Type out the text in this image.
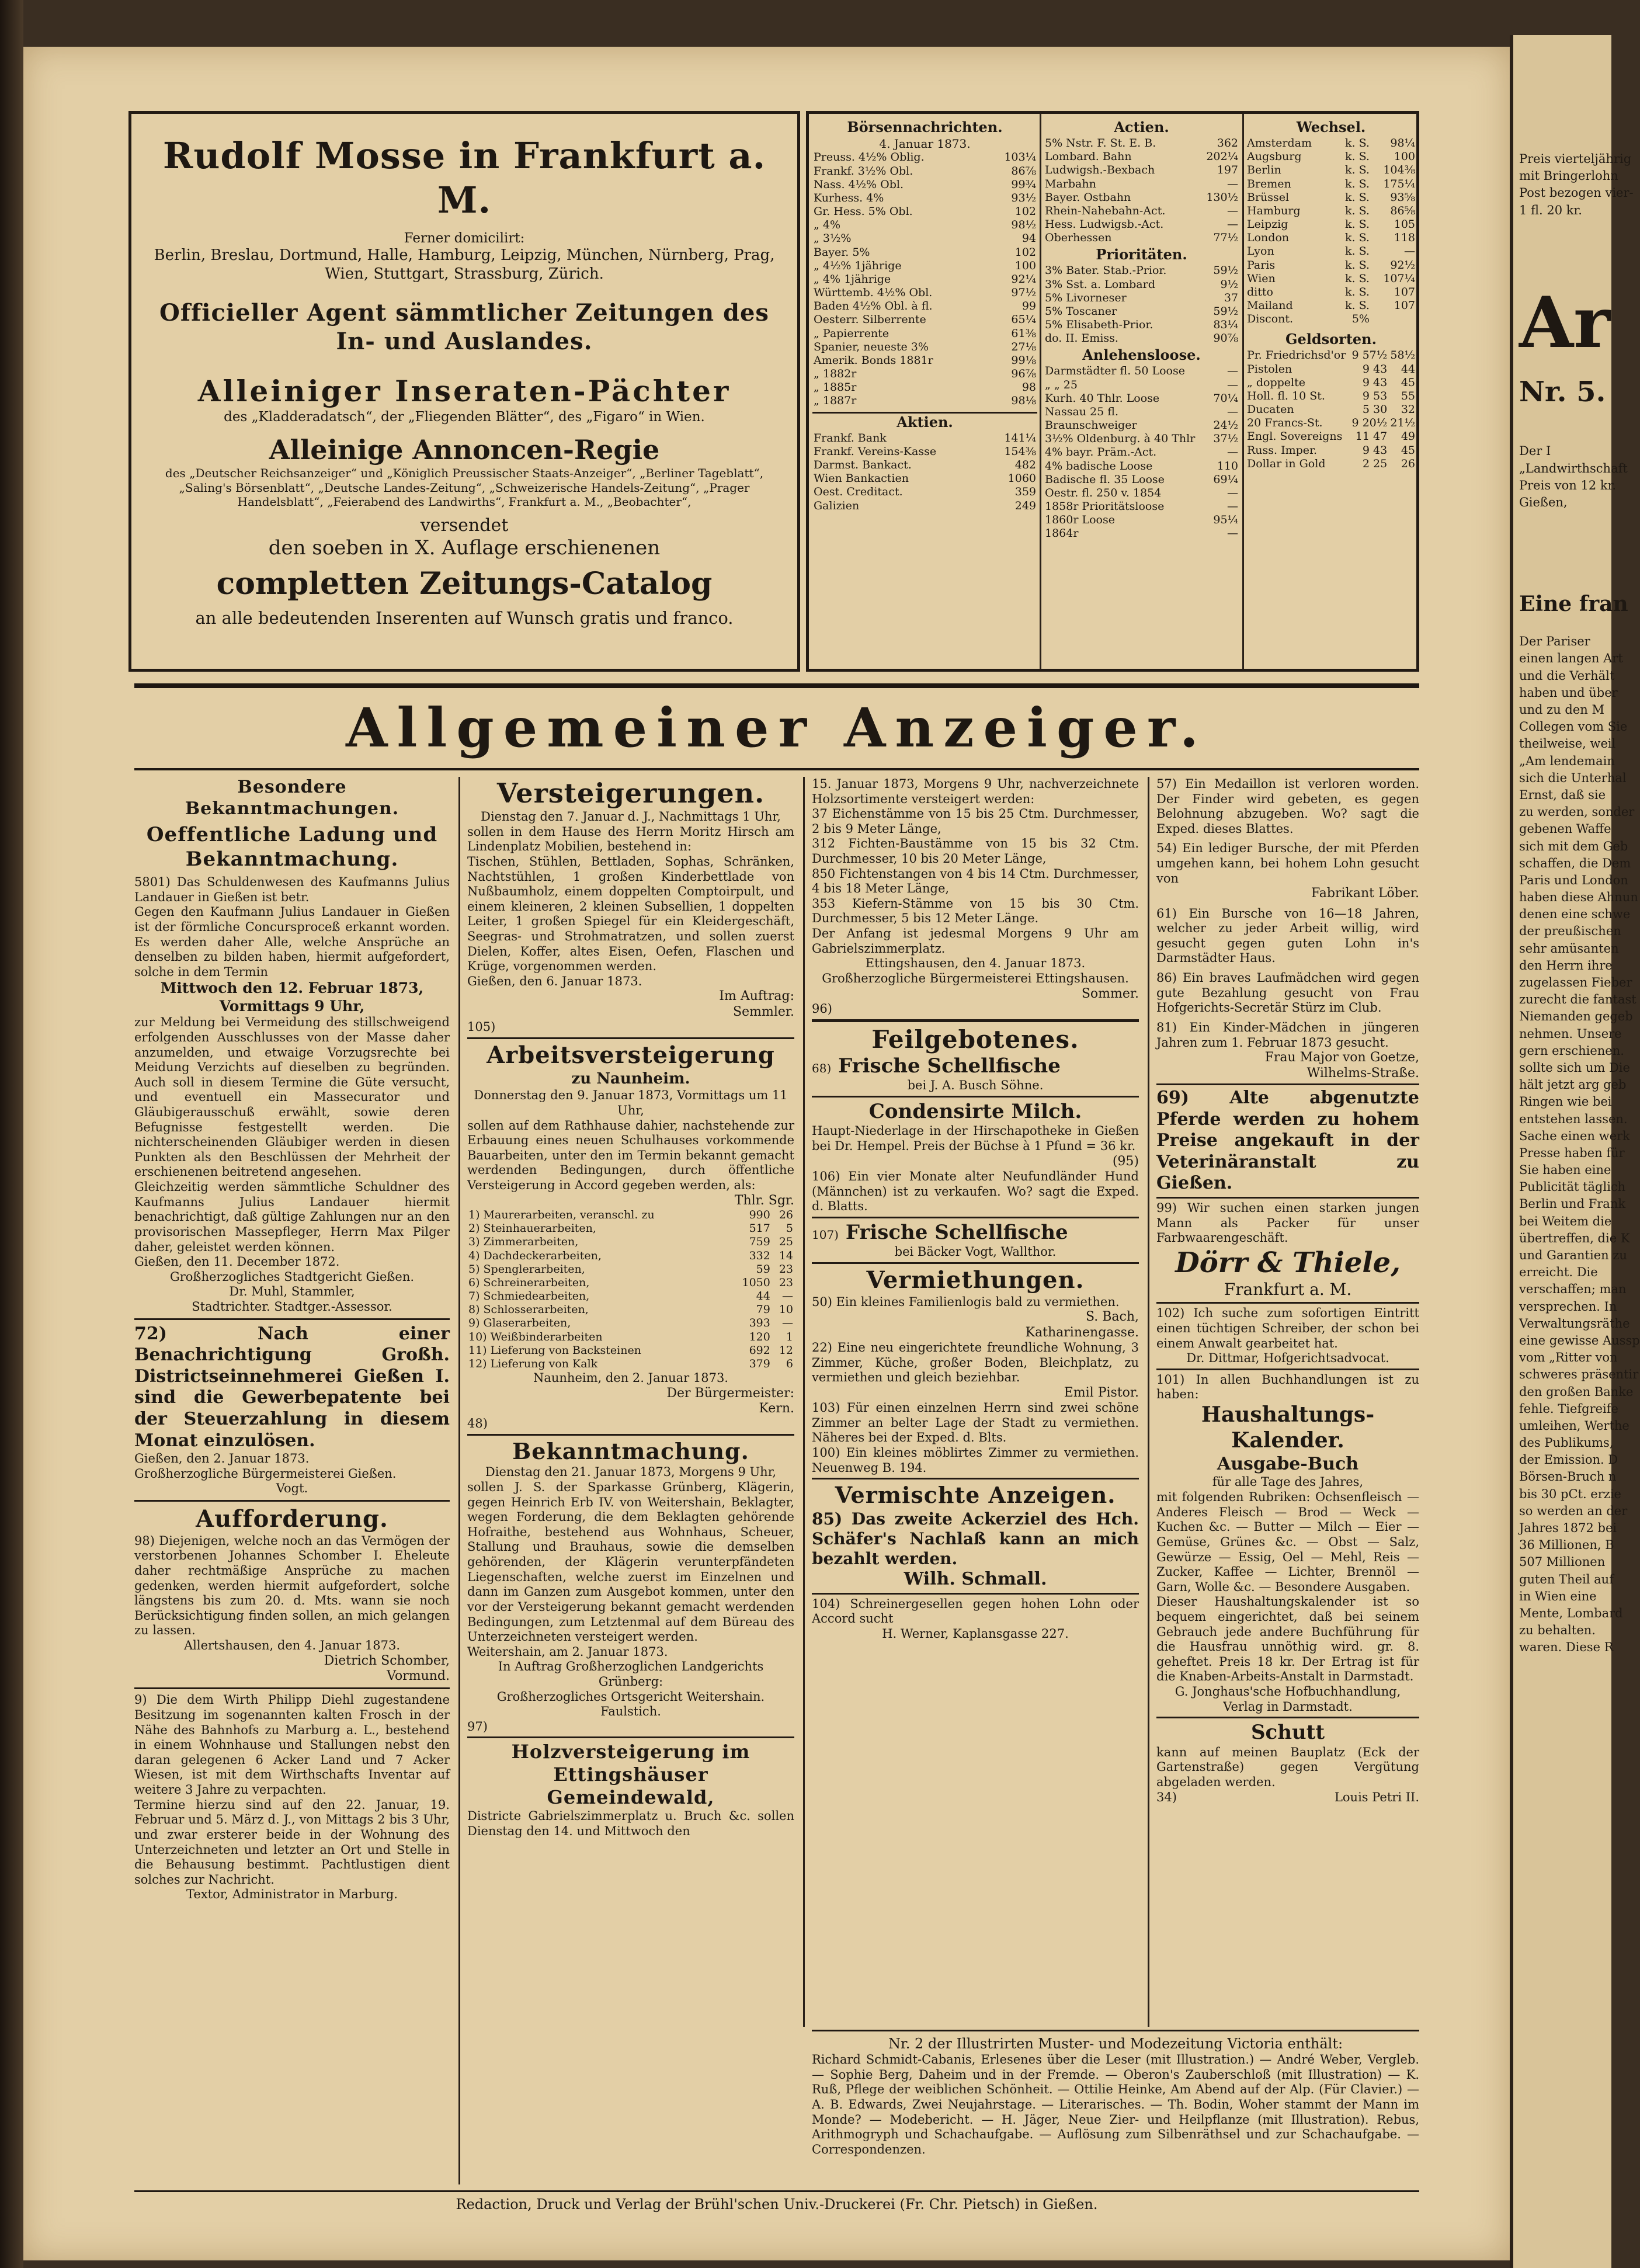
Rudolf Mosse in Frankfurt a. M.

Ferner domicilirt:

Berlin, Breslau, Dortmund, Halle, Hamburg, Leipzig, München, Nürnberg, Prag, Wien, Stuttgart, Strassburg, Zürich.

Officieller Agent sämmtlicher Zeitungen des In- und Auslandes.

Alleiniger Inseraten-Pächter

des „Kladderadatsch“, der „Fliegenden Blätter“, des „Figaro“ in Wien.

Alleinige Annoncen-Regie

des „Deutscher Reichsanzeiger“ und „Königlich Preussischer Staats-Anzeiger“, „Berliner Tageblatt“, „Saling's Börsenblatt“, „Deutsche Landes-Zeitung“, „Schweizerische Handels-Zeitung“, „Prager Handelsblatt“, „Feierabend des Landwirths“, Frankfurt a. M., „Beobachter“,

versendet

den soeben in X. Auflage erschienenen

completten Zeitungs-Catalog

an alle bedeutenden Inserenten auf Wunsch gratis und franco.

Börsennachrichten.

4. Januar 1873.

Preuss. 4½% Oblig.	103¼
Frankf. 3½% Obl.	86⅞
Nass. 4½% Obl.	99¾
Kurhess. 4%	93½
Gr. Hess. 5% Obl.	102
„ 4%	98½
„ 3½%	94
Bayer. 5%	102
„ 4½% 1jährige	100
„ 4% 1jährige	92¼
Württemb. 4½% Obl.	97½
Baden 4½% Obl. à fl.	99
Oesterr. Silberrente	65¼
„ Papierrente	61⅜
Spanier, neueste 3%	27⅛
Amerik. Bonds 1881r	99⅛
„ 1882r	96⅞
„ 1885r	98
„ 1887r	98⅛

Aktien.

Frankf. Bank	141¼
Frankf. Vereins-Kasse	154⅜
Darmst. Bankact.	482
Wien Bankactien	1060
Oest. Creditact.	359
Galizien	249

Actien.

5% Nstr. F. St. E. B.	362
Lombard. Bahn	202¼
Ludwigsh.-Bexbach	197
Marbahn	—
Bayer. Ostbahn	130½
Rhein-Nahebahn-Act.	—
Hess. Ludwigsb.-Act.	—
Oberhessen	77½

Prioritäten.

3% Bater. Stab.-Prior.	59½
3% Sst. a. Lombard	9½
5% Livorneser	37
5% Toscaner	59½
5% Elisabeth-Prior.	83¼
do. II. Emiss.	90⅞

Anlehensloose.

Darmstädter fl. 50 Loose	—
„ „ 25	—
Kurh. 40 Thlr. Loose	70¼
Nassau 25 fl.	—
Braunschweiger	24½
3½% Oldenburg. à 40 Thlr	37½
4% bayr. Präm.-Act.	—
4% badische Loose	110
Badische fl. 35 Loose	69¼
Oestr. fl. 250 v. 1854	—
1858r Prioritätsloose	—
1860r Loose	95¼
1864r	—

Wechsel.

Amsterdam	k. S.	98¼
Augsburg	k. S.	100
Berlin	k. S.	104⅜
Bremen	k. S.	175¼
Brüssel	k. S.	93⅝
Hamburg	k. S.	86⅝
Leipzig	k. S.	105
London	k. S.	118
Lyon	k. S.	—
Paris	k. S.	92½
Wien	k. S.	107¼
ditto	k. S.	107
Mailand	k. S.	107
Discont.	5%	

Geldsorten.

Pr. Friedrichsd'or	9 57½	58½
Pistolen	9 43	44
„ doppelte	9 43	45
Holl. fl. 10 St.	9 53	55
Ducaten	5 30	32
20 Francs-St.	9 20½	21½
Engl. Sovereigns	11 47	49
Russ. Imper.	9 43	45
Dollar in Gold	2 25	26

Allgemeiner Anzeiger.

Besondere Bekanntmachungen.

Oeffentliche Ladung und Bekanntmachung.

5801) Das Schuldenwesen des Kaufmanns Julius Landauer in Gießen ist betr.

Gegen den Kaufmann Julius Landauer in Gießen ist der förmliche Concursproceß erkannt worden. Es werden daher Alle, welche Ansprüche an denselben zu bilden haben, hiermit aufgefordert, solche in dem Termin

Mittwoch den 12. Februar 1873, Vormittags 9 Uhr,

zur Meldung bei Vermeidung des stillschweigend erfolgenden Ausschlusses von der Masse daher anzumelden, und etwaige Vorzugsrechte bei Meidung Verzichts auf dieselben zu begründen. Auch soll in diesem Termine die Güte versucht, und eventuell ein Massecurator und Gläubigerausschuß erwählt, sowie deren Befugnisse festgestellt werden. Die nichterscheinenden Gläubiger werden in diesen Punkten als den Beschlüssen der Mehrheit der erschienenen beitretend angesehen.

Gleichzeitig werden sämmtliche Schuldner des Kaufmanns Julius Landauer hiermit benachrichtigt, daß gültige Zahlungen nur an den provisorischen Massepfleger, Herrn Max Pilger daher, geleistet werden können.

Gießen, den 11. December 1872.

Großherzogliches Stadtgericht Gießen.

Dr. Muhl, Stammler,

Stadtrichter. Stadtger.-Assessor.

72) Nach einer Benachrichtigung Großh. Districtseinnehmerei Gießen I. sind die Gewerbepatente bei der Steuerzahlung in diesem Monat einzulösen.

Gießen, den 2. Januar 1873.

Großherzogliche Bürgermeisterei Gießen.

Vogt.

Aufforderung.

98) Diejenigen, welche noch an das Vermögen der verstorbenen Johannes Schomber I. Eheleute daher rechtmäßige Ansprüche zu machen gedenken, werden hiermit aufgefordert, solche längstens bis zum 20. d. Mts. wann sie noch Berücksichtigung finden sollen, an mich gelangen zu lassen.

Allertshausen, den 4. Januar 1873.

Dietrich Schomber,

Vormund.

9) Die dem Wirth Philipp Diehl zugestandene Besitzung im sogenannten kalten Frosch in der Nähe des Bahnhofs zu Marburg a. L., bestehend in einem Wohnhause und Stallungen nebst den daran gelegenen 6 Acker Land und 7 Acker Wiesen, ist mit dem Wirthschafts Inventar auf weitere 3 Jahre zu verpachten.

Termine hierzu sind auf den 22. Januar, 19. Februar und 5. März d. J., von Mittags 2 bis 3 Uhr, und zwar ersterer beide in der Wohnung des Unterzeichneten und letzter an Ort und Stelle in die Behausung bestimmt. Pachtlustigen dient solches zur Nachricht.

Textor, Administrator in Marburg.

Versteigerungen.

Dienstag den 7. Januar d. J., Nachmittags 1 Uhr,

sollen in dem Hause des Herrn Moritz Hirsch am Lindenplatz Mobilien, bestehend in:

Tischen, Stühlen, Bettladen, Sophas, Schränken, Nachtstühlen, 1 großen Kinderbettlade von Nußbaumholz, einem doppelten Comptoirpult, und einem kleineren, 2 kleinen Subsellien, 1 doppelten Leiter, 1 großen Spiegel für ein Kleidergeschäft, Seegras- und Strohmatratzen, und sollen zuerst Dielen, Koffer, altes Eisen, Oefen, Flaschen und Krüge, vorgenommen werden.

Gießen, den 6. Januar 1873.

Im Auftrag:

Semmler.

105)

Arbeitsversteigerung

zu Naunheim.

Donnerstag den 9. Januar 1873, Vormittags um 11 Uhr,

sollen auf dem Rathhause dahier, nachstehende zur Erbauung eines neuen Schulhauses vorkommende Bauarbeiten, unter den im Termin bekannt gemacht werdenden Bedingungen, durch öffentliche Versteigerung in Accord gegeben werden, als:

Thlr. Sgr.

1) Maurerarbeiten, veranschl. zu	990	26
2) Steinhauerarbeiten,	517	5
3) Zimmerarbeiten,	759	25
4) Dachdeckerarbeiten,	332	14
5) Spenglerarbeiten,	59	23
6) Schreinerarbeiten,	1050	23
7) Schmiedearbeiten,	44	—
8) Schlosserarbeiten,	79	10
9) Glaserarbeiten,	393	—
10) Weißbinderarbeiten	120	1
11) Lieferung von Backsteinen	692	12
12) Lieferung von Kalk	379	6

Naunheim, den 2. Januar 1873.

Der Bürgermeister:

Kern.

48)

Bekanntmachung.

Dienstag den 21. Januar 1873, Morgens 9 Uhr,

sollen J. S. der Sparkasse Grünberg, Klägerin, gegen Heinrich Erb IV. von Weitershain, Beklagter, wegen Forderung, die dem Beklagten gehörende Hofraithe, bestehend aus Wohnhaus, Scheuer, Stallung und Brauhaus, sowie die demselben gehörenden, der Klägerin verunterpfändeten Liegenschaften, welche zuerst im Einzelnen und dann im Ganzen zum Ausgebot kommen, unter den vor der Versteigerung bekannt gemacht werdenden Bedingungen, zum Letztenmal auf dem Büreau des Unterzeichneten versteigert werden.

Weitershain, am 2. Januar 1873.

In Auftrag Großherzoglichen Landgerichts Grünberg:

Großherzogliches Ortsgericht Weitershain.

Faulstich.

97)

Holzversteigerung im Ettingshäuser Gemeindewald,

Districte Gabrielszimmerplatz u. Bruch &c. sollen Dienstag den 14. und Mittwoch den

15. Januar 1873, Morgens 9 Uhr, nachverzeichnete Holzsortimente versteigert werden:

37 Eichenstämme von 15 bis 25 Ctm. Durchmesser, 2 bis 9 Meter Länge,

312 Fichten-Baustämme von 15 bis 32 Ctm. Durchmesser, 10 bis 20 Meter Länge,

850 Fichtenstangen von 4 bis 14 Ctm. Durchmesser, 4 bis 18 Meter Länge,

353 Kiefern-Stämme von 15 bis 30 Ctm. Durchmesser, 5 bis 12 Meter Länge.

Der Anfang ist jedesmal Morgens 9 Uhr am Gabrielszimmerplatz.

Ettingshausen, den 4. Januar 1873.

Großherzogliche Bürgermeisterei Ettingshausen.

Sommer.

96)

Feilgebotenes.

68) Frische Schellfische

bei J. A. Busch Söhne.

Condensirte Milch.

Haupt-Niederlage in der Hirschapotheke in Gießen bei Dr. Hempel. Preis der Büchse à 1 Pfund = 36 kr.

(95)

106) Ein vier Monate alter Neufundländer Hund (Männchen) ist zu verkaufen. Wo? sagt die Exped. d. Blatts.

107) Frische Schellfische

bei Bäcker Vogt, Wallthor.

Vermiethungen.

50) Ein kleines Familienlogis bald zu vermiethen.

S. Bach,

Katharinengasse.

22) Eine neu eingerichtete freundliche Wohnung, 3 Zimmer, Küche, großer Boden, Bleichplatz, zu vermiethen und gleich beziehbar.

Emil Pistor.

103) Für einen einzelnen Herrn sind zwei schöne Zimmer an belter Lage der Stadt zu vermiethen. Näheres bei der Exped. d. Blts.

100) Ein kleines möblirtes Zimmer zu vermiethen. Neuenweg B. 194.

Vermischte Anzeigen.

85) Das zweite Ackerziel des Hch. Schäfer's Nachlaß kann an mich bezahlt werden.

Wilh. Schmall.

104) Schreinergesellen gegen hohen Lohn oder Accord sucht

H. Werner, Kaplansgasse 227.

57) Ein Medaillon ist verloren worden. Der Finder wird gebeten, es gegen Belohnung abzugeben. Wo? sagt die Exped. dieses Blattes.

54) Ein lediger Bursche, der mit Pferden umgehen kann, bei hohem Lohn gesucht von

Fabrikant Löber.

61) Ein Bursche von 16—18 Jahren, welcher zu jeder Arbeit willig, wird gesucht gegen guten Lohn in's Darmstädter Haus.

86) Ein braves Laufmädchen wird gegen gute Bezahlung gesucht von Frau Hofgerichts-Secretär Stürz im Club.

81) Ein Kinder-Mädchen in jüngeren Jahren zum 1. Februar 1873 gesucht.

Frau Major von Goetze,

Wilhelms-Straße.

69) Alte abgenutzte Pferde werden zu hohem Preise angekauft in der Veterinäranstalt zu Gießen.

99) Wir suchen einen starken jungen Mann als Packer für unser Farbwaarengeschäft.

Dörr & Thiele,

Frankfurt a. M.

102) Ich suche zum sofortigen Eintritt einen tüchtigen Schreiber, der schon bei einem Anwalt gearbeitet hat.

Dr. Dittmar, Hofgerichtsadvocat.

101) In allen Buchhandlungen ist zu haben:

Haushaltungs-Kalender.

Ausgabe-Buch

für alle Tage des Jahres,

mit folgenden Rubriken: Ochsenfleisch — Anderes Fleisch — Brod — Weck — Kuchen &c. — Butter — Milch — Eier — Gemüse, Grünes &c. — Obst — Salz, Gewürze — Essig, Oel — Mehl, Reis — Zucker, Kaffee — Lichter, Brennöl — Garn, Wolle &c. — Besondere Ausgaben.

Dieser Haushaltungskalender ist so bequem eingerichtet, daß bei seinem Gebrauch jede andere Buchführung für die Hausfrau unnöthig wird. gr. 8. geheftet. Preis 18 kr. Der Ertrag ist für die Knaben-Arbeits-Anstalt in Darmstadt.

G. Jonghaus'sche Hofbuchhandlung, Verlag in Darmstadt.

Schutt

kann auf meinen Bauplatz (Eck der Gartenstraße) gegen Vergütung abgeladen werden.

34)	Louis Petri II.

Nr. 2 der Illustrirten Muster- und Modezeitung Victoria enthält:

Richard Schmidt-Cabanis, Erlesenes über die Leser (mit Illustration.) — André Weber, Vergleb. — Sophie Berg, Daheim und in der Fremde. — Oberon's Zauberschloß (mit Illustration) — K. Ruß, Pflege der weiblichen Schönheit. — Ottilie Heinke, Am Abend auf der Alp. (Für Clavier.) — A. B. Edwards, Zwei Neujahrstage. — Literarisches. — Th. Bodin, Woher stammt der Mann im Monde? — Modebericht. — H. Jäger, Neue Zier- und Heilpflanze (mit Illustration). Rebus, Arithmogryph und Schachaufgabe. — Auflösung zum Silbenräthsel und zur Schachaufgabe. — Correspondenzen.

Redaction, Druck und Verlag der Brühl'schen Univ.-Druckerei (Fr. Chr. Pietsch) in Gießen.

Preis vierteljährig

mit Bringerlohn

Post bezogen vier-

1 fl. 20 kr.

Ar

Nr. 5.

Der I

„Landwirthschaft

Preis von 12 kr.

Gießen,

Eine fran

Der Pariser

einen langen Art

und die Verhält

haben und über

und zu den M

Collegen vom Sie

theilweise, weil

„Am lendemain

sich die Unterhal

Ernst, daß sie

zu werden, sonder

gebenen Waffe

sich mit dem Geb

schaffen, die Dem

Paris und London

haben diese Ahnun

denen eine schwe

der preußischen

sehr amüsanten

den Herrn ihre

zugelassen Fieber

zurecht die fantast

Niemanden gegeb

nehmen. Unsere

gern erschienen.

sollte sich um Die

hält jetzt arg geb

Ringen wie bei

entstehen lassen.

Sache einen werk

Presse haben für

Sie haben eine

Publicität täglich

Berlin und Frank

bei Weitem die

übertreffen, die K

und Garantien zu

erreicht. Die

verschaffen; man

versprechen. In

Verwaltungsräthe

eine gewisse Aussp

vom „Ritter von

schweres präsentir

den großen Banke

fehle. Tiefgreife

umleihen, Werthe

des Publikums,

der Emission. D

Börsen-Bruch n

bis 30 pCt. erzie

so werden an der

Jahres 1872 bei

36 Millionen, B

507 Millionen

guten Theil auf

in Wien eine

Mente, Lombard

zu behalten.

waren. Diese R
